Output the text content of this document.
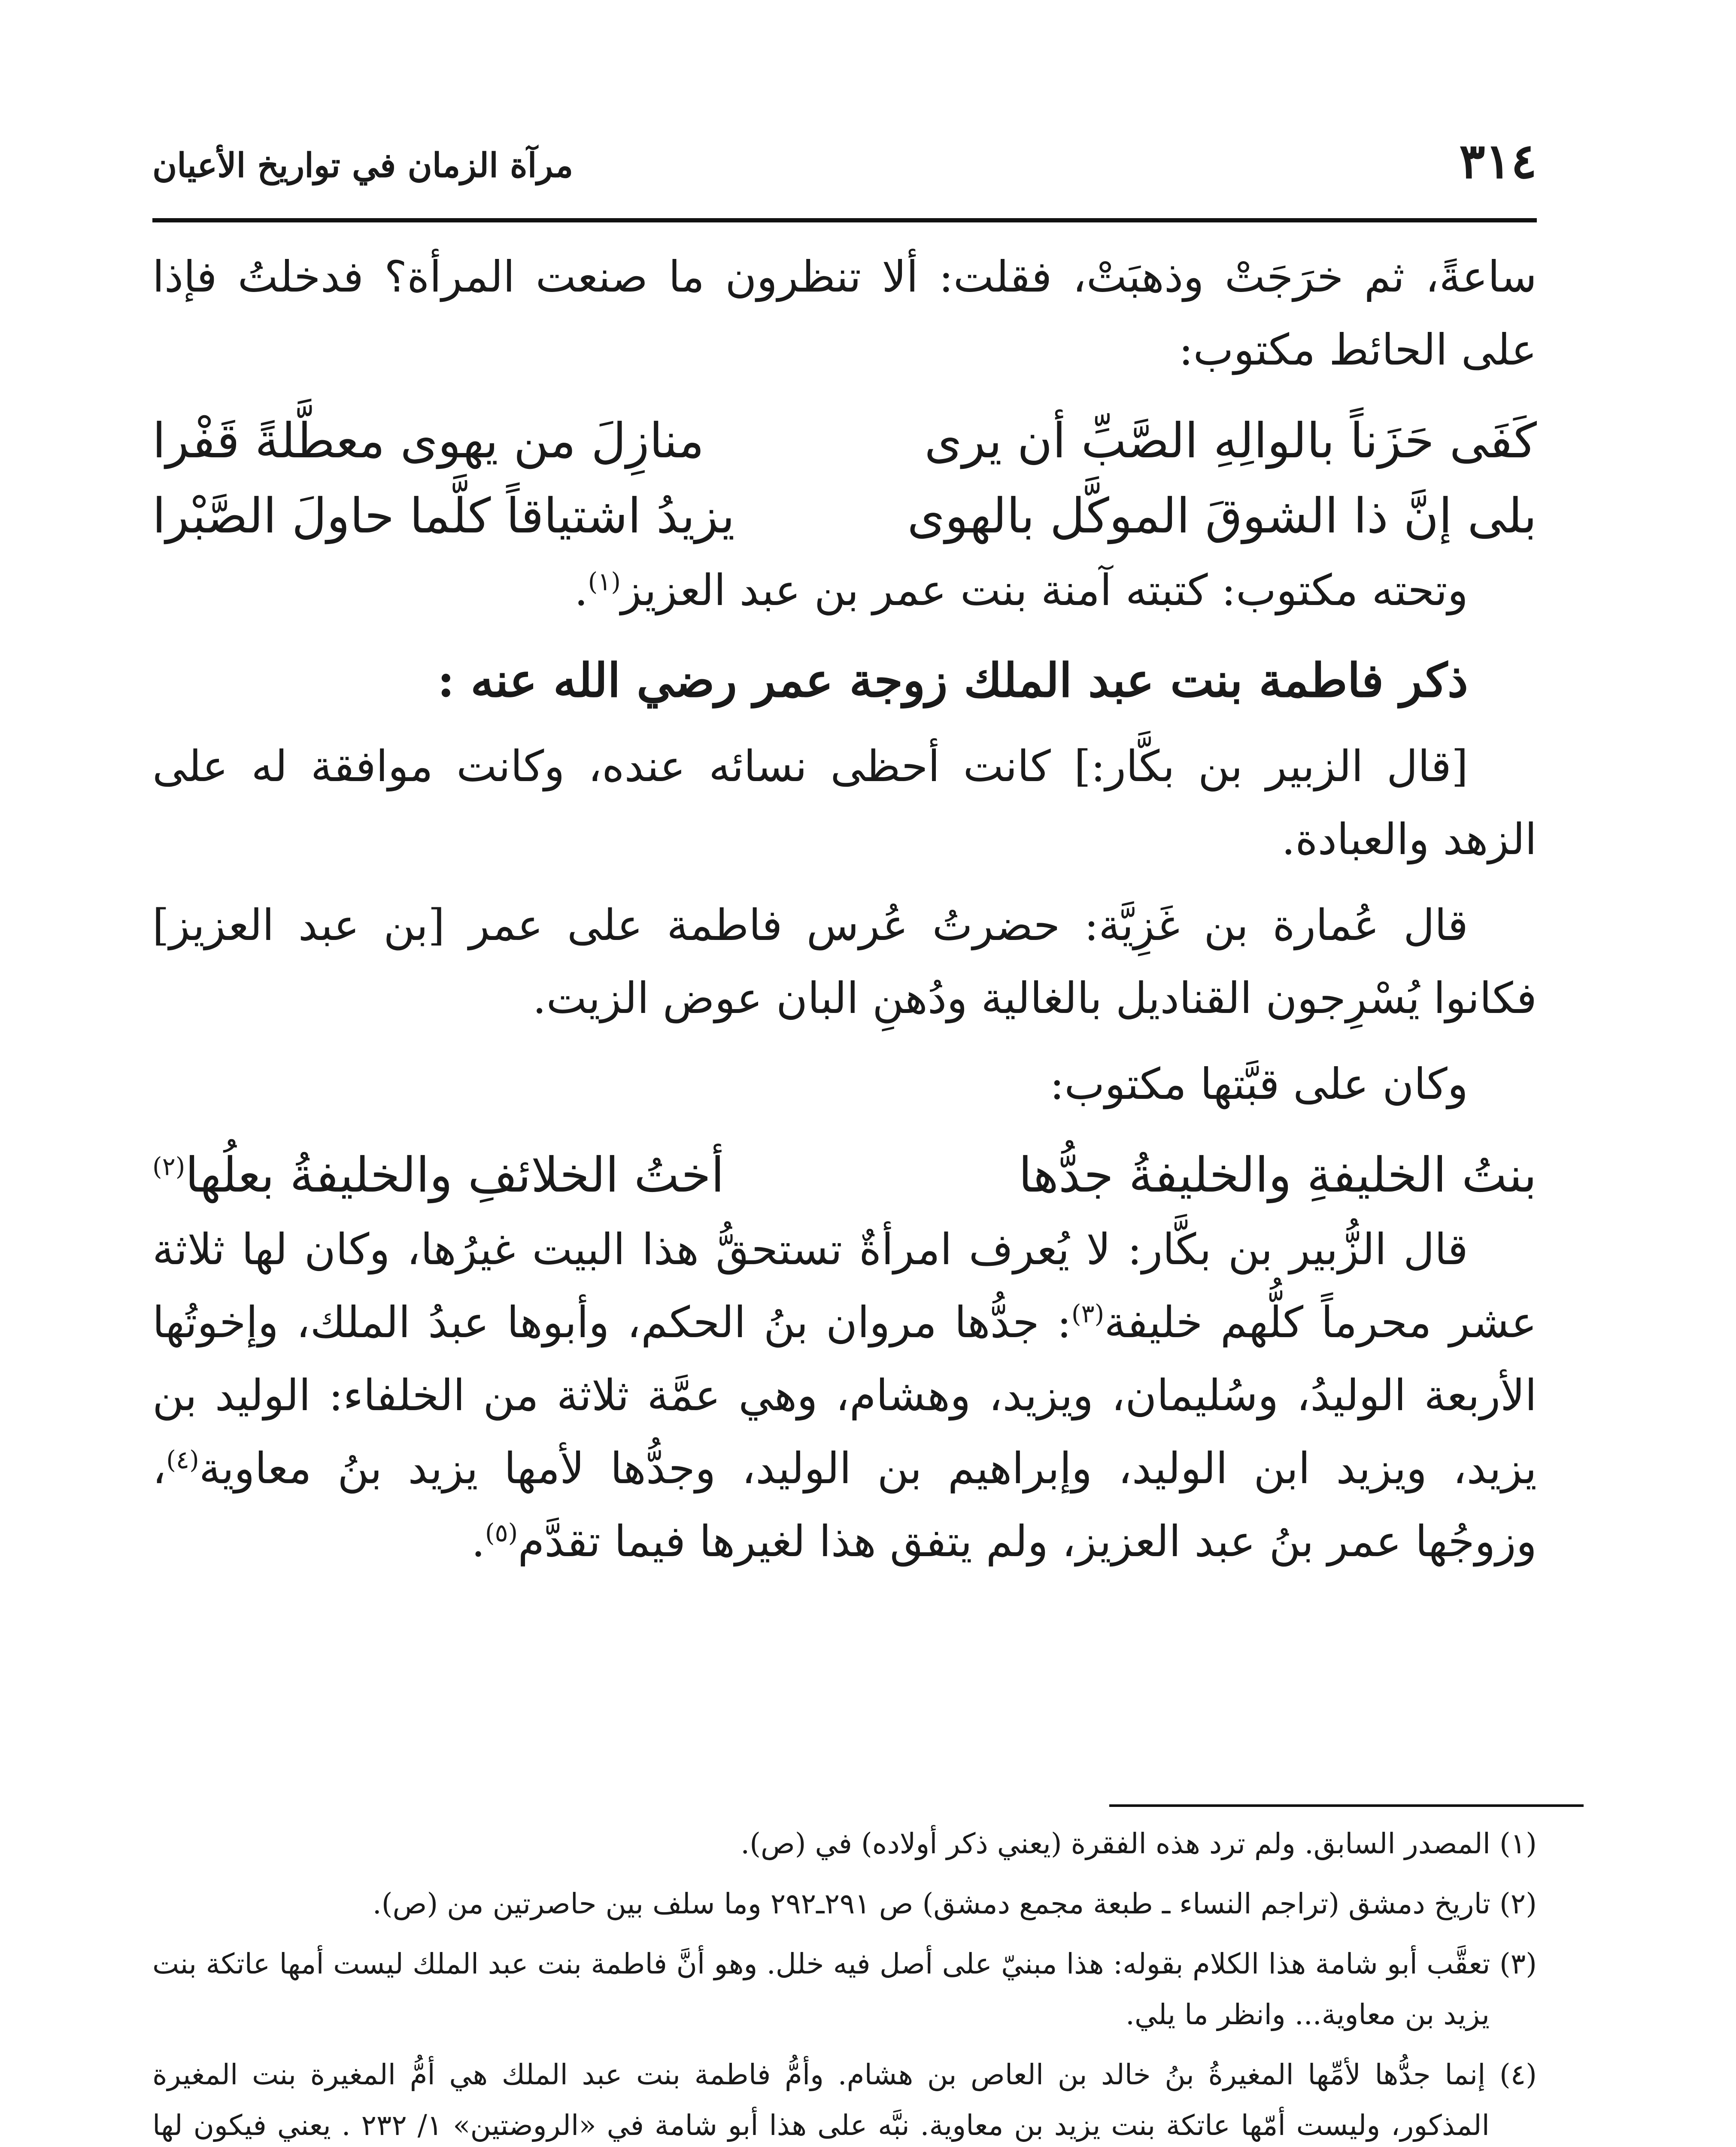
٣١٤
مرآة الزمان في تواريخ الأعيان

ساعةً، ثم خرَجَتْ وذهبَتْ، فقلت: ألا تنظرون ما صنعت المرأة؟ فدخلتُ فإذا على الحائط مكتوب:

كَفَى حَزَناً بالوالِهِ الصَّبِّ أن يرى
منازِلَ من يهوى معطَّلةً قَفْرا

بلى إنَّ ذا الشوقَ الموكَّل بالهوى
يزيدُ اشتياقاً كلَّما حاولَ الصَّبْرا

وتحته مكتوب: كتبته آمنة بنت عمر بن عبد العزيز$^{(١)}$.

ذكر فاطمة بنت عبد الملك زوجة عمر رضي الله عنه :

[قال الزبير بن بكَّار:] كانت أحظى نسائه عنده، وكانت موافقة له على الزهد والعبادة.

قال عُمارة بن غَزِيَّة: حضرتُ عُرس فاطمة على عمر [بن عبد العزيز] فكانوا يُسْرِجون القناديل بالغالية ودُهنِ البان عوض الزيت.

وكان على قبَّتها مكتوب:

بنتُ الخليفةِ والخليفةُ جدُّها
أختُ الخلائفِ والخليفةُ بعلُها$^{(٢)}$

قال الزُّبير بن بكَّار: لا يُعرف امرأةٌ تستحقُّ هذا البيت غيرُها، وكان لها ثلاثة عشر محرماً كلُّهم خليفة$^{(٣)}$: جدُّها مروان بنُ الحكم، وأبوها عبدُ الملك، وإخوتُها الأربعة الوليدُ، وسُليمان، ويزيد، وهشام، وهي عمَّة ثلاثة من الخلفاء: الوليد بن يزيد، ويزيد ابن الوليد، وإبراهيم بن الوليد، وجدُّها لأمها يزيد بنُ معاوية$^{(٤)}$، وزوجُها عمر بنُ عبد العزيز، ولم يتفق هذا لغيرها فيما تقدَّم$^{(٥)}$.

(١) المصدر السابق. ولم ترد هذه الفقرة (يعني ذكر أولاده) في (ص).

(٢) تاريخ دمشق (تراجم النساء ـ طبعة مجمع دمشق) ص ٢٩١ـ٢٩٢ وما سلف بين حاصرتين من (ص).

(٣) تعقَّب أبو شامة هذا الكلام بقوله: هذا مبنيّ على أصل فيه خلل. وهو أنَّ فاطمة بنت عبد الملك ليست أمها عاتكة بنت يزيد بن معاوية... وانظر ما يلي.

(٤) إنما جدُّها لأمِّها المغيرةُ بنُ خالد بن العاص بن هشام. وأمُّ فاطمة بنت عبد الملك هي أمُّ المغيرة بنت المغيرة المذكور، وليست أمّها عاتكة بنت يزيد بن معاوية. نبَّه على هذا أبو شامة في «الروضتين» ١/ ٢٣٢ . يعني فيكون لها
